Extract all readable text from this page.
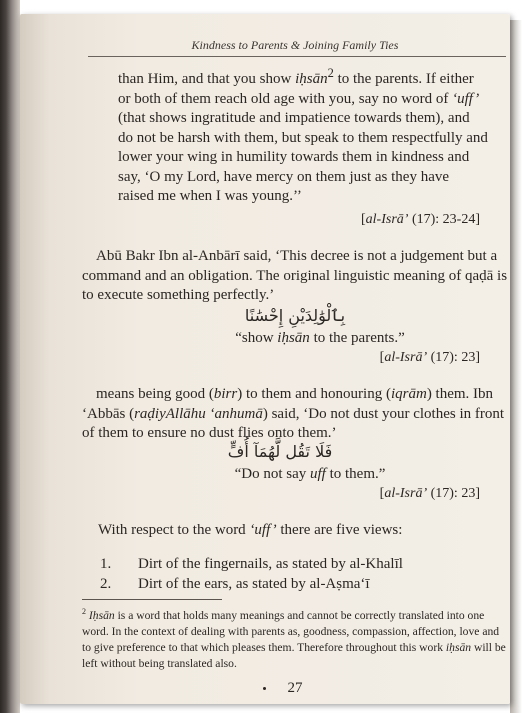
Kindness to Parents & Joining Family Ties

than Him, and that you show iḥsān$^2$ to the parents. If either or both of them reach old age with you, say no word of ‘uff’ (that shows ingratitude and impatience towards them), and do not be harsh with them, but speak to them respectfully and lower your wing in humility towards them in kindness and say, ‘O my Lord, have mercy on them just as they have raised me when I was young.’’

[al-Isrā’ (17): 23-24]

Abū Bakr Ibn al-Anbārī said, ‘This decree is not a judgement but a command and an obligation. The original linguistic meaning of qaḍā is to execute something perfectly.’

بِٱلْوَٰلِدَيْنِ إِحْسَٰنًا
“show iḥsān to the parents.”
[al-Isrā’ (17): 23]

means being good (birr) to them and honouring (iqrām) them. Ibn ‘Abbās (raḍiyAllāhu ‘anhumā) said, ‘Do not dust your clothes in front of them to ensure no dust flies onto them.’

فَلَا تَقُل لَّهُمَآ أُفٍّ
“Do not say uff to them.”
[al-Isrā’ (17): 23]
With respect to the word ‘uff’ there are five views:
1.	Dirt of the fingernails, as stated by al-Khalīl
2.	Dirt of the ears, as stated by al-Aṣma‘ī

$^2$ Iḥsān is a word that holds many meanings and cannot be correctly translated into one word. In the context of dealing with parents as, goodness, compassion, affection, love and to give preference to that which pleases them. Therefore throughout this work iḥsān will be left without being translated also.

27
